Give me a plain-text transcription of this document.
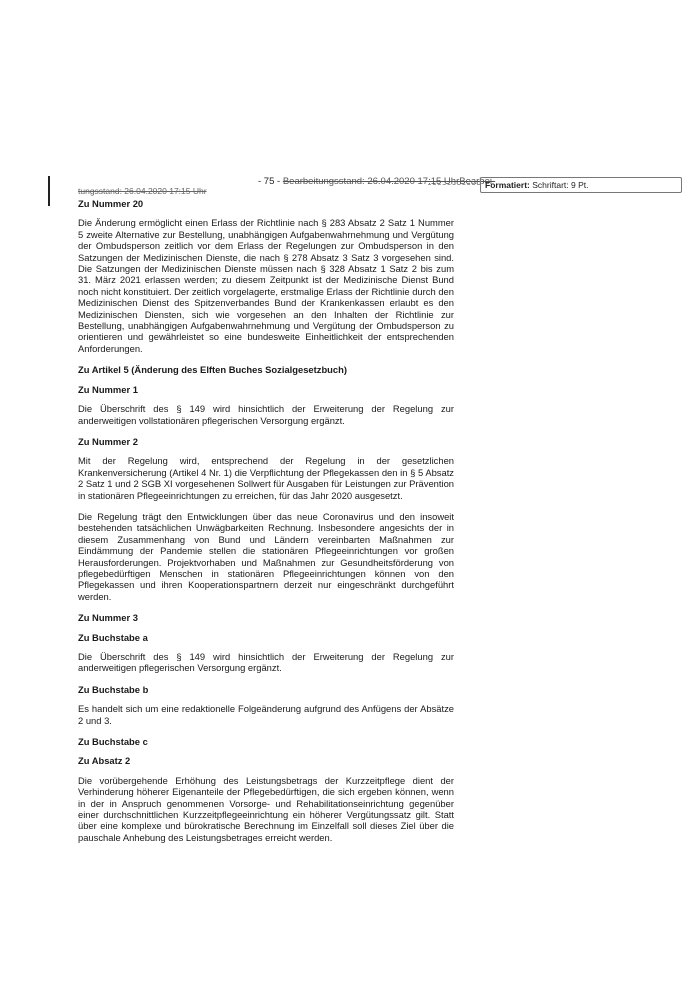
- 75 - Bearbeitungsstand: 26.04.2020 17:15 UhrBearbei-
Formatiert: Schriftart: 9 Pt.
tungsstand: 26.04.2020 17:15 Uhr
Zu Nummer 20

Die Änderung ermöglicht einen Erlass der Richtlinie nach § 283 Absatz 2 Satz 1 Nummer 5 zweite Alternative zur Bestellung, unabhängigen Aufgabenwahrnehmung und Vergütung der Ombudsperson zeitlich vor dem Erlass der Regelungen zur Ombudsperson in den Satzungen der Medizinischen Dienste, die nach § 278 Absatz 3 Satz 3 vorgesehen sind. Die Satzungen der Medizinischen Dienste müssen nach § 328 Absatz 1 Satz 2 bis zum 31. März 2021 erlassen werden; zu diesem Zeitpunkt ist der Medizinische Dienst Bund noch nicht konstituiert. Der zeitlich vorgelagerte, erstmalige Erlass der Richtlinie durch den Medizinischen Dienst des Spitzenverbandes Bund der Krankenkassen erlaubt es den Medizinischen Diensten, sich wie vorgesehen an den Inhalten der Richtlinie zur Bestellung, unabhängigen Aufgabenwahrnehmung und Vergütung der Ombudsperson zu orientieren und gewährleistet so eine bundesweite Einheitlichkeit der entsprechenden Anforderungen.

Zu Artikel 5 (Änderung des Elften Buches Sozialgesetzbuch)
Zu Nummer 1

Die Überschrift des § 149 wird hinsichtlich der Erweiterung der Regelung zur anderweitigen vollstationären pflegerischen Versorgung ergänzt.

Zu Nummer 2

Mit der Regelung wird, entsprechend der Regelung in der gesetzlichen Krankenversicherung (Artikel 4 Nr. 1) die Verpflichtung der Pflegekassen den in § 5 Absatz 2 Satz 1 und 2 SGB XI vorgesehenen Sollwert für Ausgaben für Leistungen zur Prävention in stationären Pflegeeinrichtungen zu erreichen, für das Jahr 2020 ausgesetzt.

Die Regelung trägt den Entwicklungen über das neue Coronavirus und den insoweit bestehenden tatsächlichen Unwägbarkeiten Rechnung. Insbesondere angesichts der in diesem Zusammenhang von Bund und Ländern vereinbarten Maßnahmen zur Eindämmung der Pandemie stellen die stationären Pflegeeinrichtungen vor großen Herausforderungen. Projektvorhaben und Maßnahmen zur Gesundheitsförderung von pflegebedürftigen Menschen in stationären Pflegeeinrichtungen können von den Pflegekassen und ihren Kooperationspartnern derzeit nur eingeschränkt durchgeführt werden.

Zu Nummer 3
Zu Buchstabe a

Die Überschrift des § 149 wird hinsichtlich der Erweiterung der Regelung zur anderweitigen pflegerischen Versorgung ergänzt.

Zu Buchstabe b

Es handelt sich um eine redaktionelle Folgeänderung aufgrund des Anfügens der Absätze 2 und 3.

Zu Buchstabe c
Zu Absatz 2

Die vorübergehende Erhöhung des Leistungsbetrags der Kurzzeitpflege dient der Verhinderung höherer Eigenanteile der Pflegebedürftigen, die sich ergeben können, wenn in der in Anspruch genommenen Vorsorge- und Rehabilitationseinrichtung gegenüber einer durchschnittlichen Kurzzeitpflegeeinrichtung ein höherer Vergütungssatz gilt. Statt über eine komplexe und bürokratische Berechnung im Einzelfall soll dieses Ziel über die pauschale Anhebung des Leistungsbetrages erreicht werden.
